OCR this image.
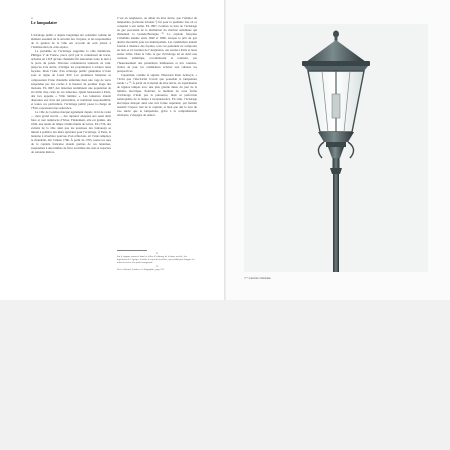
4
Le lampadaire

L’éclairage public a depuis longtemps été considéré comme un élément essentiel de la sécurité des citoyens, et les responsables de la gestion de la ville ont accordé un soin jaloux à l’amélioration de cette espèce.

Le problème de l’éclairage supprime la ville médiévale. Philippe V de France, parce qu’il put la connaissait un tracer, ordonna en 1318 qu’une chandelle fût entretenue toute la nuit à la porte du palais. Diverses ordonnances tentèrent en vain, jusqu’au xvie siècle, d’obliger les propriétaires à éclairer leurs façades. Mais l’idée d’un éclairage public généralisé n’avait sous le règne de Louis XIV. Les premières lanternes se composaient d’une chandelle enfermée dans une cage de verre suspendue par des cordes à la hauteur du premier étage des maisons. En 1667, des lanternes nommaient une population de six mille cinq cents de ces lanternes. Quant heureusent à Paris, dès lors appelée « Ville lumière ». Les lanternes étaient disposées aux frais des particuliers, et transition responsabilité, et toutes ces particuliers, l’éclairage public passa la charge de l’État, repoussant une redevance.

La ville de Londres marqué également depuis 1414 de cadre — mon grand succès — des ruptures adoptées aux seuls ainsi faire et tout remplacés d’hiver. Finalement, elle est guidée, dès 1694, une tentés de lampe à huile munie de verres. En 1736, des extraits de la ville ainsi que les paroisses des faubourgs se mirent à préférer des murs spéciales pour l’éclairage. À Paris, la lanterne à réverbère pourvue d’un réflecteur, ait l’aide remplaça la chandelle, dès l’année 1766. À partir de 1763, toutes les rues de la capitale française étaient garnies de ces lanternes, suspendues à une intimes de fixer au milieu des rues et espacées de soixante mètres.

C’est en Angleterre, au début du xixe siècle, que l’emploi du lampadaire (Lanterne éclairée ²) fut pour la première fois en ce consumé à son terme. En 1807, Londres se dota de l’éclairage au gaz provenant de la distillation du charbon substituée qui alimentait la Grande-Bretagne ²². La capitale française s’illumina ensuite entre 1840 et 1860, lorsque le prix du gaz devint abordable pour les municipalités. Les candélabres étaient fournis à distance des façades, tous ces pensaient ne comporter en rien, et ici bordées de l’Angleterre, ont tourné à Paris et leurs autres villes. Dans la ville, le gaz d’éclairage ait en suivi une curieuse esthétique, reconnaissant et tournent, par l’heureusement des paramètres lumineuses et des couleurs, visites de jour, les candélabres éclairer aux cultures les perspectives.

Cependant, comme le signala l’historien Peter Ackroyd, « l’éclat que l’électricité n’avait que possédait le lampadaire rendu ! » ²³. À partir de la moitié du xixe siècle, on expérimenta de légères lampes avec une plus grande durée du jour de la lumière électrique. Pourtant, le meilleur de cette forme d’éclairage n’était pas la puissance, mais sa perfection remarquable de la lampe à incandescence. En ville, l’éclairage électrique marque ainsi une très forme supérieur, qui fermait aussitôt l’espace réel de la capitale, si bien que dès le tour du xxe siècle que le lampadaire, grâce à la compréhension arbitraire, s’engagea de rentrer.

22
Sur le rapport consacré dans les villes d’éclairage de la haute société, des ingénieurs de l’époque, à traiter le sujet du réverbère, qui rendait plus longues les nuits réservées à la petite bourgeoisie.
23
Peter Ackroyd, Londres : la biographie, page 531.
¹⁴ * Lanterne vénitienne
